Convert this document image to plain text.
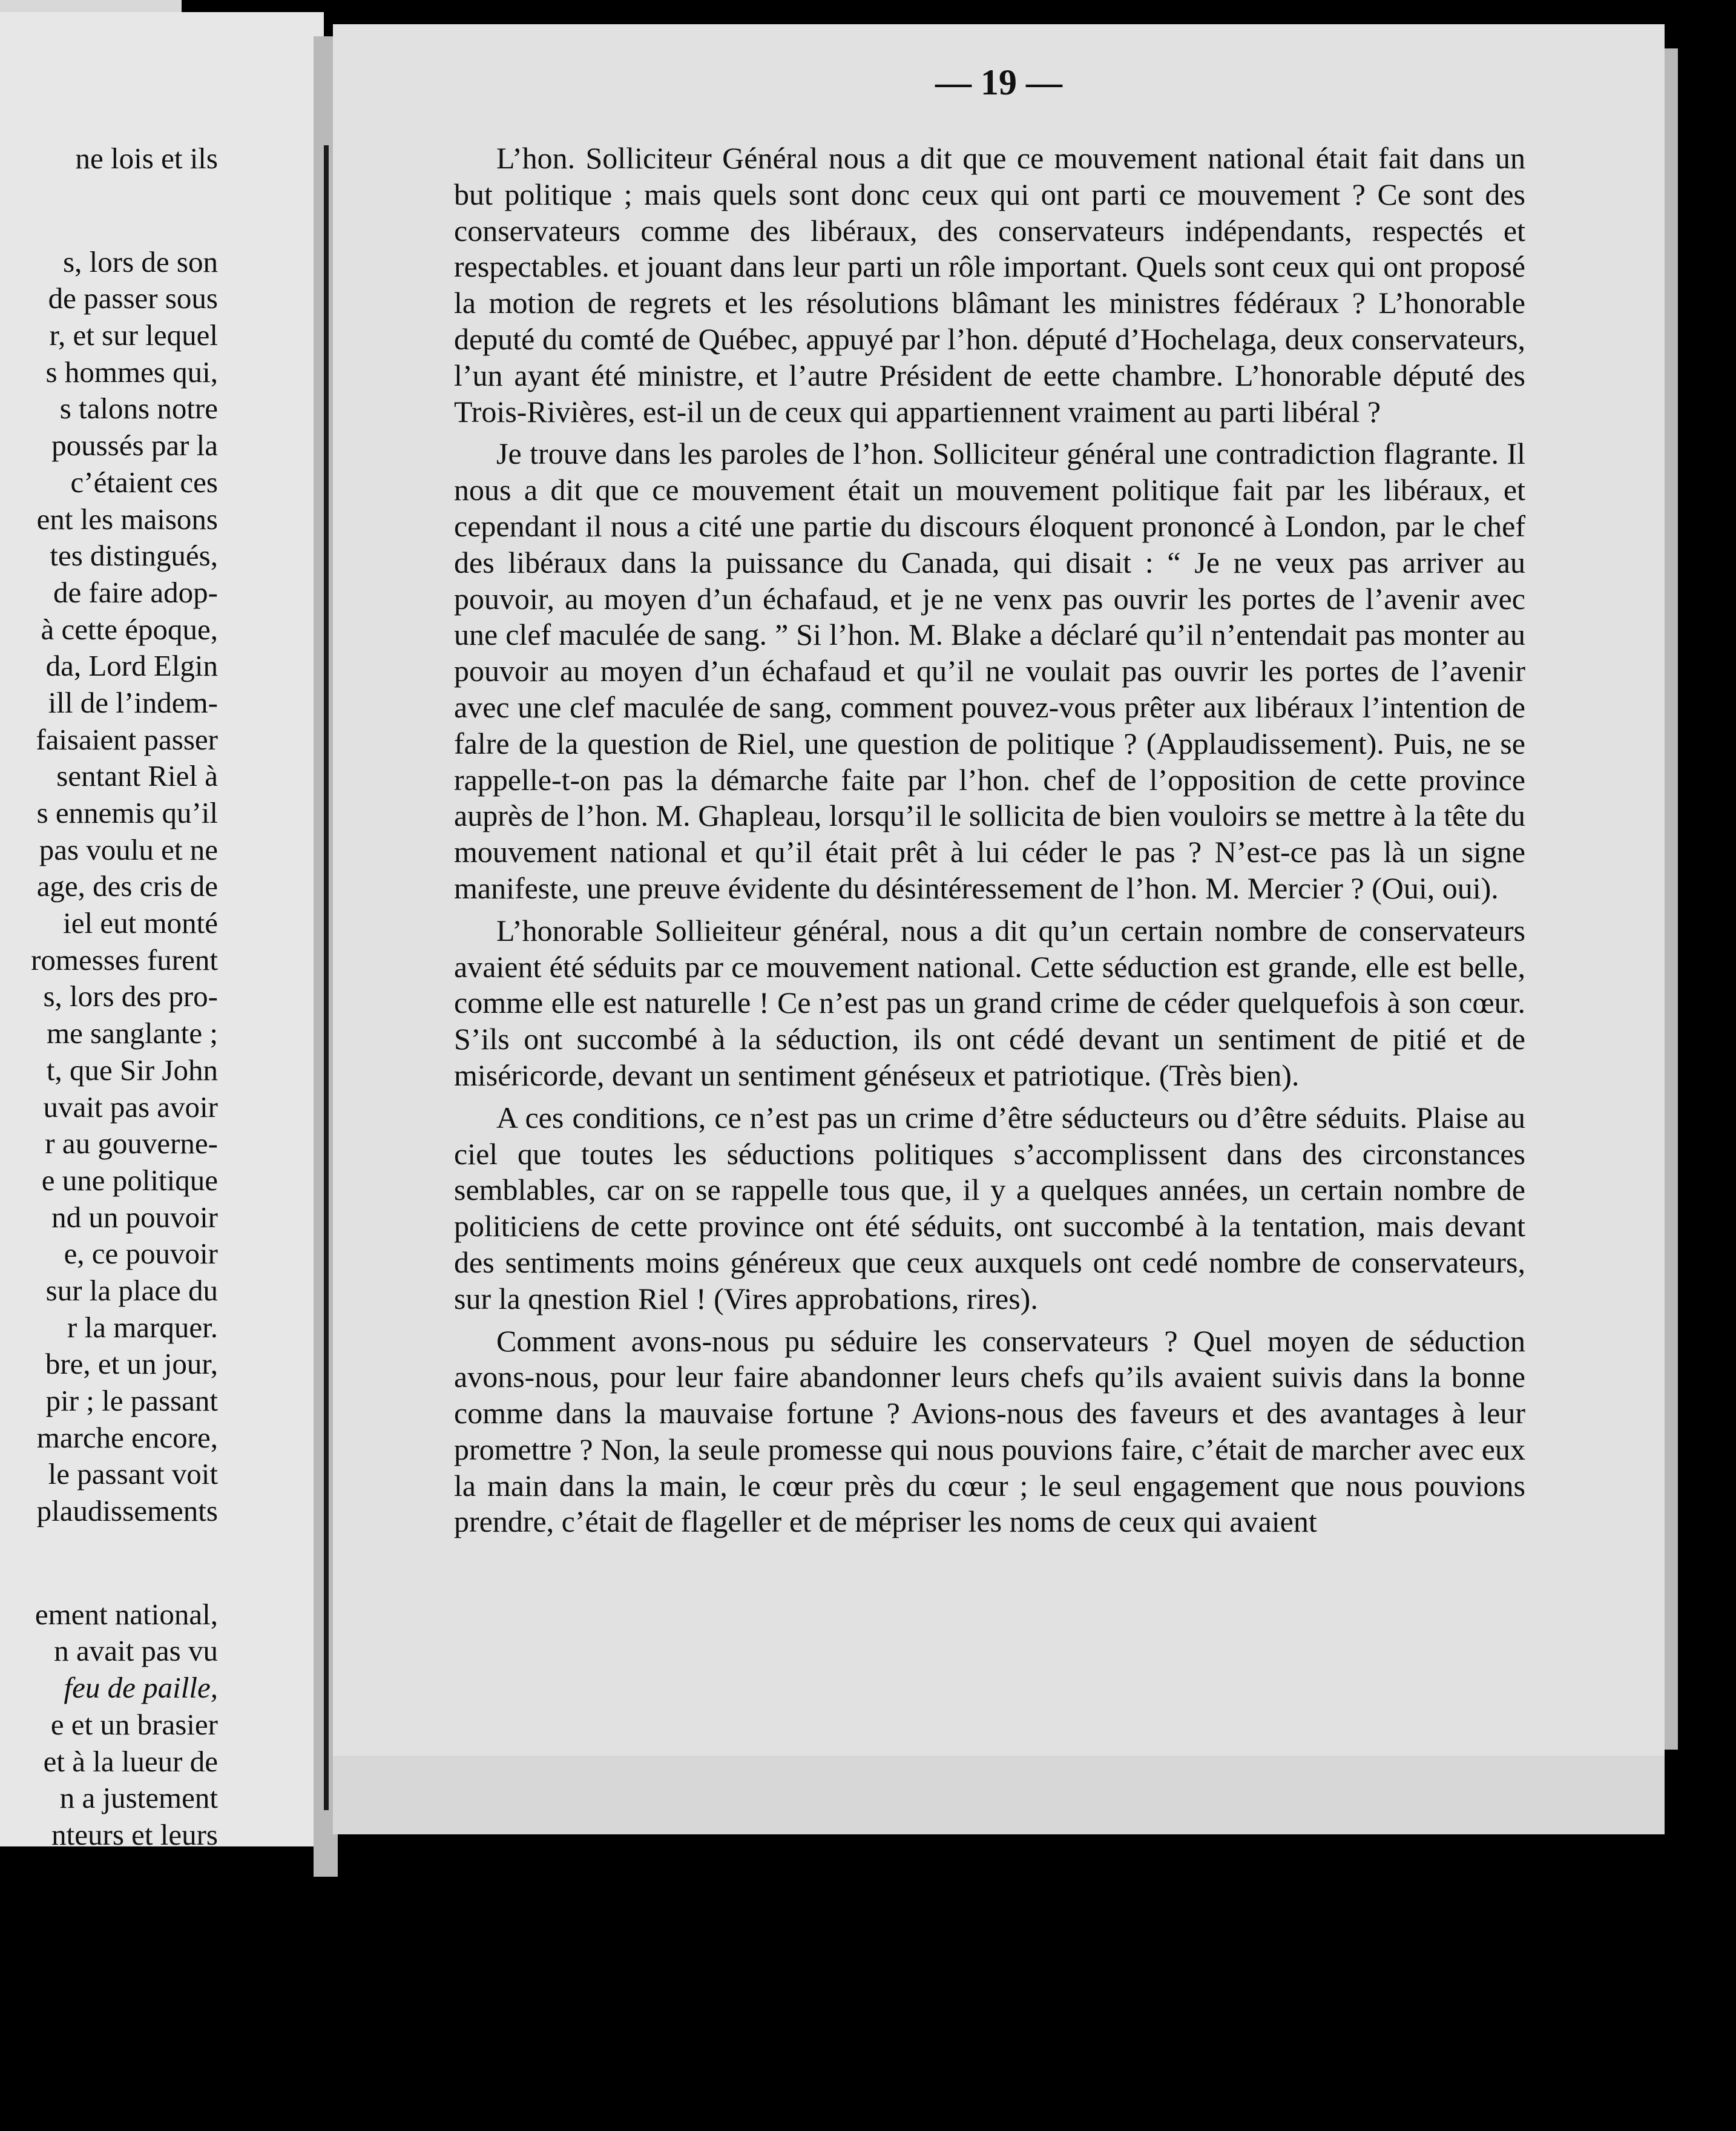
ne lois et ils
s, lors de son
de passer sous
r, et sur lequel
s hommes qui,
s talons notre
poussés par la
c’étaient ces
ent les maisons
tes distingués,
de faire adop-
à cette époque,
da, Lord Elgin
ill de l’indem-
faisaient passer
sentant Riel à
s ennemis qu’il
pas voulu et ne
age, des cris de
iel eut monté
romesses furent
s, lors des pro-
me sanglante ;
t, que Sir John
uvait pas avoir
r au gouverne-
e une politique
nd un pouvoir
e, ce pouvoir
sur la place du
r la marquer.
bre, et un jour,
pir ; le passant
marche encore,
le passant voit
plaudissements
ement national,
n avait pas vu
feu de paille,
e et un brasier
et à la lueur de
n a justement
nteurs et leurs
— 19 —

L’hon. Solliciteur Général nous a dit que ce mouvement national était fait dans un but politique ; mais quels sont donc ceux qui ont parti ce mouvement ? Ce sont des conservateurs comme des libéraux, des conservateurs indépendants, respectés et respectables. et jouant dans leur parti un rôle important. Quels sont ceux qui ont proposé la motion de regrets et les résolutions blâmant les ministres fédéraux ? L’honorable deputé du comté de Québec, appuyé par l’hon. député d’Hochelaga, deux conservateurs, l’un ayant été ministre, et l’autre Président de eette chambre. L’honorable député des Trois-Rivières, est-il un de ceux qui appartiennent vraiment au parti libéral ?

Je trouve dans les paroles de l’hon. Solliciteur général une contradiction flagrante. Il nous a dit que ce mouvement était un mouvement politique fait par les libéraux, et cependant il nous a cité une partie du discours éloquent prononcé à London, par le chef des libéraux dans la puissance du Canada, qui disait : “ Je ne veux pas arriver au pouvoir, au moyen d’un échafaud, et je ne venx pas ouvrir les portes de l’avenir avec une clef maculée de sang. ” Si l’hon. M. Blake a déclaré qu’il n’entendait pas monter au pouvoir au moyen d’un échafaud et qu’il ne voulait pas ouvrir les portes de l’avenir avec une clef maculée de sang, comment pouvez-vous prêter aux libéraux l’intention de falre de la question de Riel, une question de politique ? (Applaudissement). Puis, ne se rappelle-t-on pas la démarche faite par l’hon. chef de l’opposition de cette province auprès de l’hon. M. Ghapleau, lorsqu’il le sollicita de bien vouloirs se mettre à la tête du mouvement national et qu’il était prêt à lui céder le pas ? N’est-ce pas là un signe manifeste, une preuve évidente du désintéressement de l’hon. M. Mercier ? (Oui, oui).

L’honorable Sollieiteur général, nous a dit qu’un certain nombre de conservateurs avaient été séduits par ce mouvement national. Cette séduction est grande, elle est belle, comme elle est naturelle ! Ce n’est pas un grand crime de céder quelquefois à son cœur. S’ils ont succombé à la séduction, ils ont cédé devant un sentiment de pitié et de miséricorde, devant un sentiment généseux et patriotique. (Très bien).

A ces conditions, ce n’est pas un crime d’être séducteurs ou d’être séduits. Plaise au ciel que toutes les séductions politiques s’accomplissent dans des circonstances semblables, car on se rappelle tous que, il y a quelques années, un certain nombre de politiciens de cette province ont été séduits, ont succombé à la tentation, mais devant des sentiments moins généreux que ceux auxquels ont cedé nombre de conservateurs, sur la qnestion Riel ! (Vires approbations, rires).

Comment avons-nous pu séduire les conservateurs ? Quel moyen de séduction avons-nous, pour leur faire abandonner leurs chefs qu’ils avaient suivis dans la bonne comme dans la mauvaise fortune ? Avions-nous des faveurs et des avantages à leur promettre ? Non, la seule promesse qui nous pouvions faire, c’était de marcher avec eux la main dans la main, le cœur près du cœur ; le seul engagement que nous pouvions prendre, c’était de flageller et de mépriser les noms de ceux qui avaient
